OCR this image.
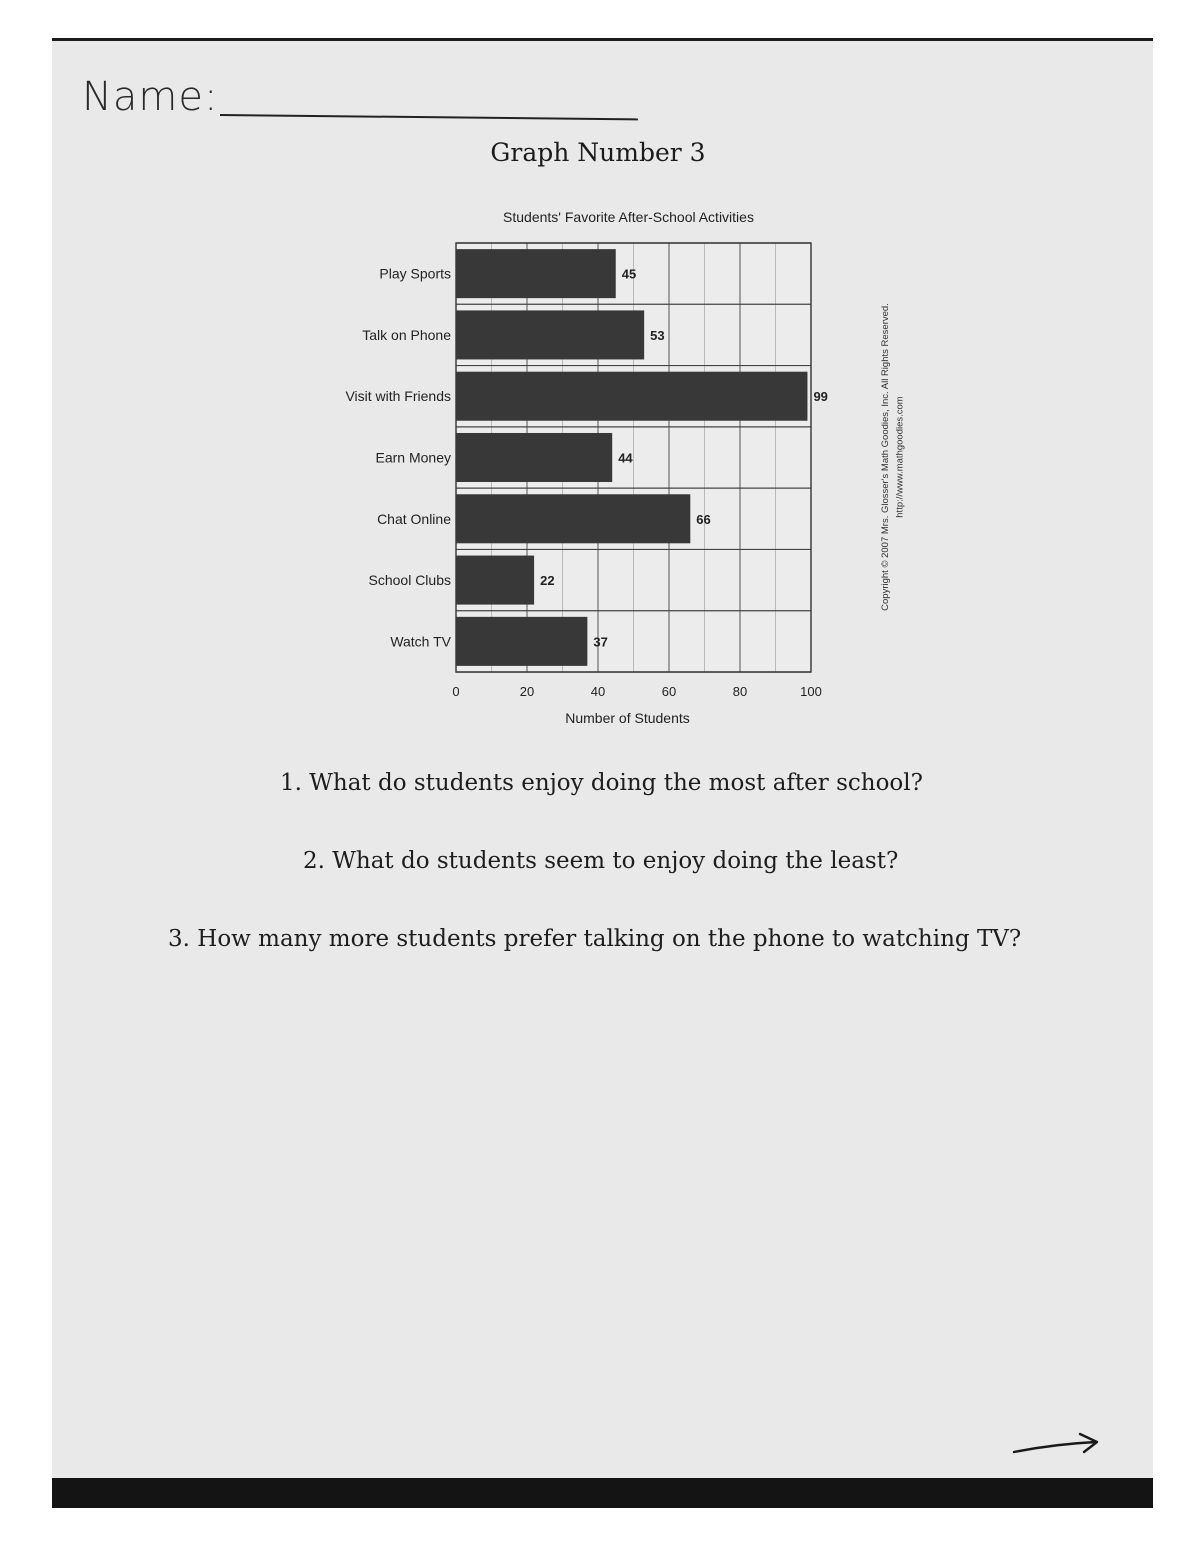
Name:
Graph Number 3
Students' Favorite After-School Activities
Play Sports	45
Talk on Phone	53
Visit with Friends	99
Earn Money	44
Chat Online	66
School Clubs	22
Watch TV	37
0	20	40	60	80	100
Number of Students
Copyright © 2007 Mrs. Glosser's Math Goodies, Inc. All Rights Reserved. http://www.mathgoodies.com
1. What do students enjoy doing the most after school?
2. What do students seem to enjoy doing the least?
3. How many more students prefer talking on the phone to watching TV?
